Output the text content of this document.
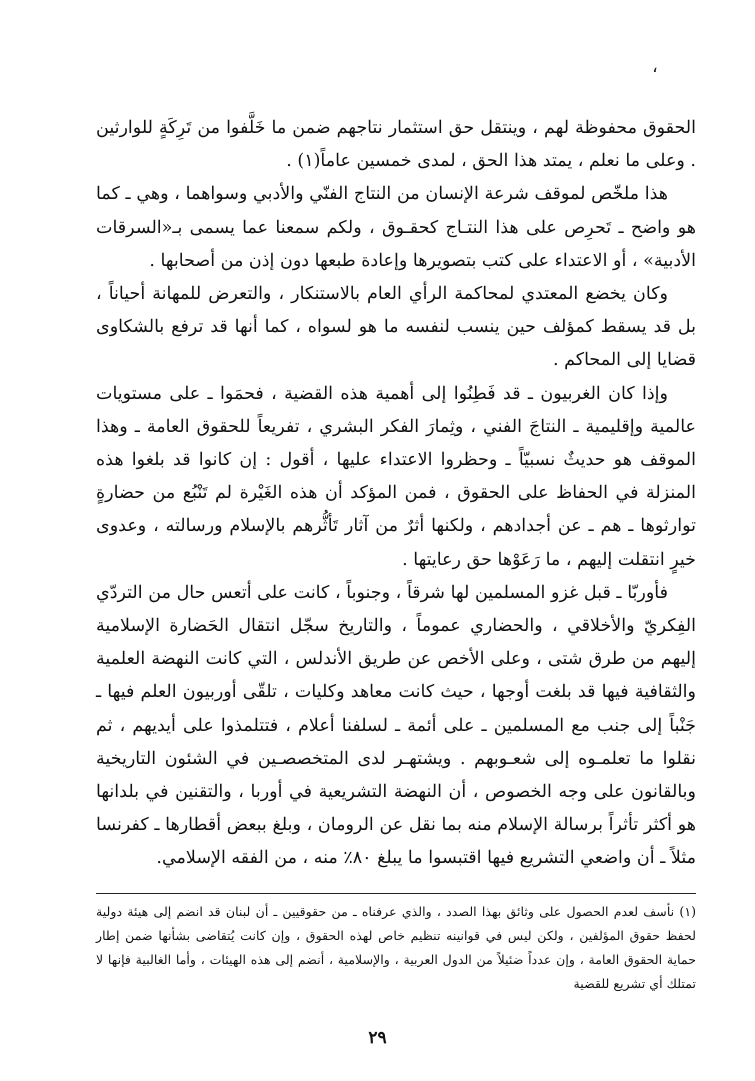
،

الحقوق محفوظة لهم ، وينتقل حق استثمار نتاجهم ضمن ما خَلَّفوا من تَرِكَةٍ للوارثين . وعلى ما نعلم ، يمتد هذا الحق ، لمدى خمسين عاماً(١) .

هذا ملخّص لموقف شرعة الإنسان من النتاج الفنّي والأدبي وسواهما ، وهي ـ كما هو واضح ـ تَحرِص على هذا النتـاج كحقـوق ، ولكم سمعنا عما يسمى بـ«السرقات الأدبية» ، أو الاعتداء على كتب بتصويرها وإعادة طبعها دون إذن من أصحابها .

وكان يخضع المعتدي لمحاكمة الرأي العام بالاستنكار ، والتعرض للمهانة أحياناً ، بل قد يسقط كمؤلف حين ينسب لنفسه ما هو لسواه ، كما أنها قد ترفع بالشكاوى قضايا إلى المحاكم .

وإذا كان الغربيون ـ قد فَطِنُوا إلى أهمية هذه القضية ، فحمَوا ـ على مستويات عالمية وإقليمية ـ النتاجَ الفني ، وثِمارَ الفكر البشري ، تفريعاً للحقوق العامة ـ وهذا الموقف هو حديثٌ نسبيّاً ـ وحظروا الاعتداء عليها ، أقول : إن كانوا قد بلغوا هذه المنزلة في الحفاظ على الحقوق ، فمن المؤكد أن هذه الغَيْرة لم تَنْبُع من حضارةٍ توارثوها ـ هم ـ عن أجدادهم ، ولكنها أثرٌ من آثار تَأثُّرهم بالإسلام ورسالته ، وعدوى خيرٍ انتقلت إليهم ، ما رَعَوْها حق رعايتها .

فأوربّا ـ قبل غزو المسلمين لها شرقاً ، وجنوباً ، كانت على أتعس حال من التردّي الفِكريّ والأخلاقي ، والحضاري عموماً ، والتاريخ سجّل انتقال الحَضارة الإسلامية إليهم من طرق شتى ، وعلى الأخص عن طريق الأندلس ، التي كانت النهضة العلمية والثقافية فيها قد بلغت أوجها ، حيث كانت معاهد وكليات ، تلقّى أوربيون العلم فيها ـ جَنْباً إلى جنب مع المسلمين ـ على أئمة ـ لسلفنا أعلام ، فتتلمذوا على أيديهم ، ثم نقلوا ما تعلمـوه إلى شعـوبهم . ويشتهـر لدى المتخصصـين في الشئون التاريخية وبالقانون على وجه الخصوص ، أن النهضة التشريعية في أوربا ، والتقنين في بلدانها هو أكثر تأثراً برسالة الإسلام منه بما نقل عن الرومان ، وبلغ ببعض أقطارها ـ كفرنسا مثلاً ـ أن واضعي التشريع فيها اقتبسوا ما يبلغ ٨٠٪ منه ، من الفقه الإسلامي.

(١) نأسف لعدم الحصول على وثائق بهذا الصدد ، والذي عرفناه ـ من حقوقيين ـ أن لبنان قد انضم إلى هيئة دولية لحفظ حقوق المؤلفين ، ولكن ليس في قوانينه تنظيم خاص لهذه الحقوق ، وإن كانت يُتقاضى بشأنها ضمن إطار حماية الحقوق العامة ، وإن عدداً ضئيلاً من الدول العربية ، والإسلامية ، أنضم إلى هذه الهيئات ، وأما الغالبية فإنها لا تمتلك أي تشريع للقضية

٢٩
